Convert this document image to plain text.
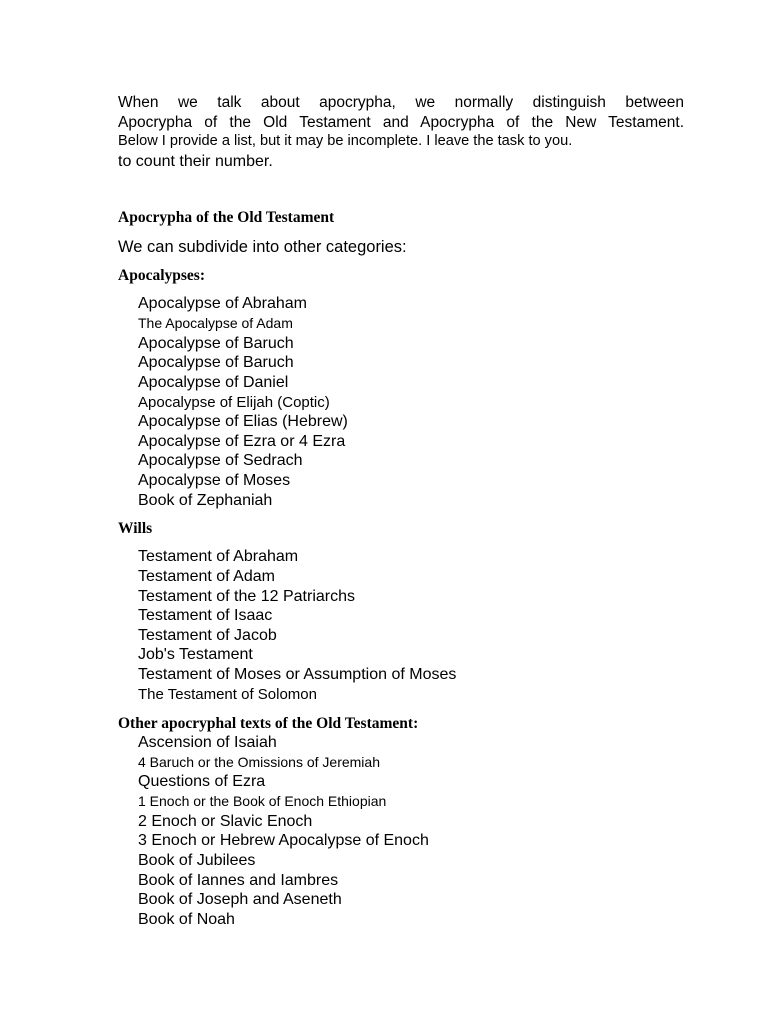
When we talk about apocrypha, we normally distinguish between
Apocrypha of the Old Testament and Apocrypha of the New Testament.
Below I provide a list, but it may be incomplete. I leave the task to you.
to count their number.
Apocrypha of the Old Testament
We can subdivide into other categories:
Apocalypses:
Apocalypse of Abraham
The Apocalypse of Adam
Apocalypse of Baruch
Apocalypse of Baruch
Apocalypse of Daniel
Apocalypse of Elijah (Coptic)
Apocalypse of Elias (Hebrew)
Apocalypse of Ezra or 4 Ezra
Apocalypse of Sedrach
Apocalypse of Moses
Book of Zephaniah
Wills
Testament of Abraham
Testament of Adam
Testament of the 12 Patriarchs
Testament of Isaac
Testament of Jacob
Job's Testament
Testament of Moses or Assumption of Moses
The Testament of Solomon
Other apocryphal texts of the Old Testament:
Ascension of Isaiah
4 Baruch or the Omissions of Jeremiah
Questions of Ezra
1 Enoch or the Book of Enoch Ethiopian
2 Enoch or Slavic Enoch
3 Enoch or Hebrew Apocalypse of Enoch
Book of Jubilees
Book of Iannes and Iambres
Book of Joseph and Aseneth
Book of Noah
